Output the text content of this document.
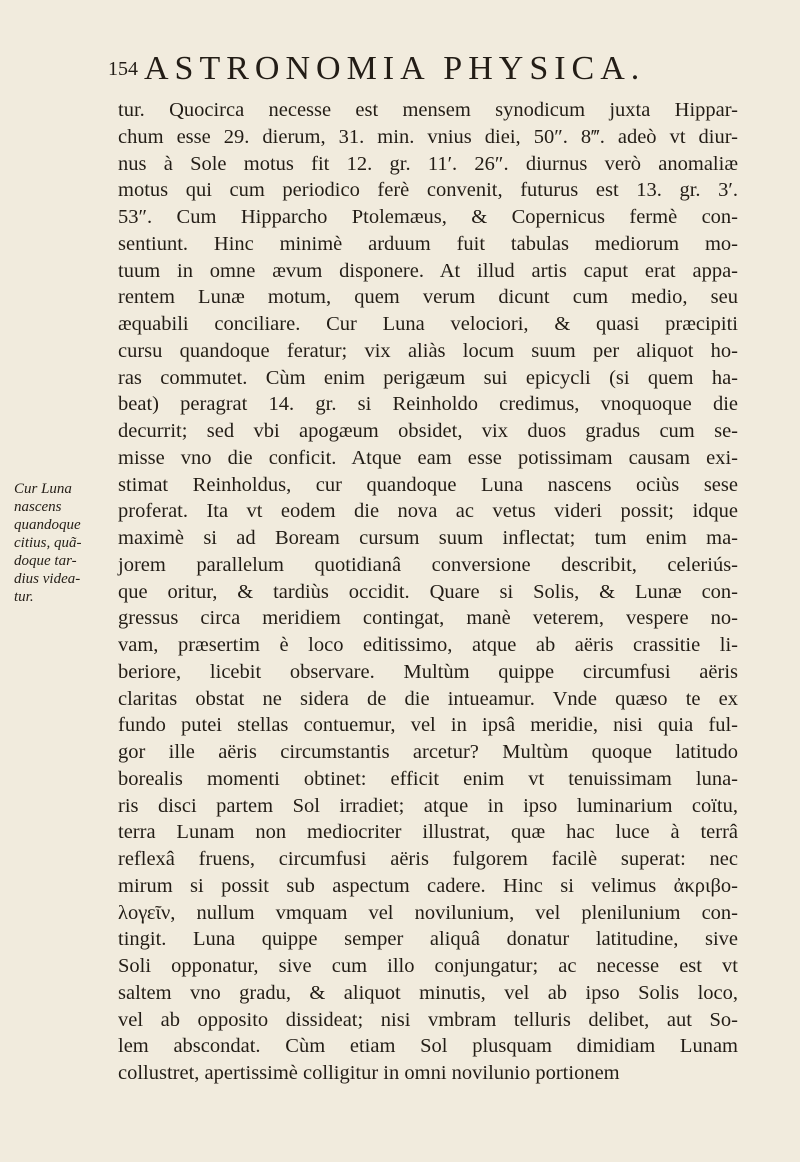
154 ASTRONOMIA PHYSICA.

Cur Luna
nascens
quandoque
citius, quã-
doque tar-
dius videa-
tur.

tur. Quocirca necesse est mensem synodicum juxta Hippar-
chum esse 29. dierum, 31. min. vnius diei, 50″. 8‴. adeò vt diur-
nus à Sole motus fit 12. gr. 11′. 26″. diurnus verò anomaliæ
motus qui cum periodico ferè convenit, futurus est 13. gr. 3′.
53″. Cum Hipparcho Ptolemæus, & Copernicus fermè con-
sentiunt. Hinc minimè arduum fuit tabulas mediorum mo-
tuum in omne ævum disponere. At illud artis caput erat appa-
rentem Lunæ motum, quem verum dicunt cum medio, seu
æquabili conciliare. Cur Luna velociori, & quasi præcipiti
cursu quandoque feratur; vix aliàs locum suum per aliquot ho-
ras commutet. Cùm enim perigæum sui epicycli (si quem ha-
beat) peragrat 14. gr. si Reinholdo credimus, vnoquoque die
decurrit; sed vbi apogæum obsidet, vix duos gradus cum se-
misse vno die conficit. Atque eam esse potissimam causam exi-
stimat Reinholdus, cur quandoque Luna nascens ociùs sese
proferat. Ita vt eodem die nova ac vetus videri possit; idque
maximè si ad Boream cursum suum inflectat; tum enim ma-
jorem parallelum quotidianâ conversione describit, celeriús-
que oritur, & tardiùs occidit. Quare si Solis, & Lunæ con-
gressus circa meridiem contingat, manè veterem, vespere no-
vam, præsertim è loco editissimo, atque ab aëris crassitie li-
beriore, licebit observare. Multùm quippe circumfusi aëris
claritas obstat ne sidera de die intueamur. Vnde quæso te ex
fundo putei stellas contuemur, vel in ipsâ meridie, nisi quia ful-
gor ille aëris circumstantis arcetur? Multùm quoque latitudo
borealis momenti obtinet: efficit enim vt tenuissimam luna-
ris disci partem Sol irradiet; atque in ipso luminarium coïtu,
terra Lunam non mediocriter illustrat, quæ hac luce à terrâ
reflexâ fruens, circumfusi aëris fulgorem facilè superat: nec
mirum si possit sub aspectum cadere. Hinc si velimus ἀκριβο-
λογεῖν, nullum vmquam vel novilunium, vel plenilunium con-
tingit. Luna quippe semper aliquâ donatur latitudine, sive
Soli opponatur, sive cum illo conjungatur; ac necesse est vt
saltem vno gradu, & aliquot minutis, vel ab ipso Solis loco,
vel ab opposito dissideat; nisi vmbram telluris delibet, aut So-
lem abscondat. Cùm etiam Sol plusquam dimidiam Lunam
collustret, apertissimè colligitur in omni novilunio portionem
